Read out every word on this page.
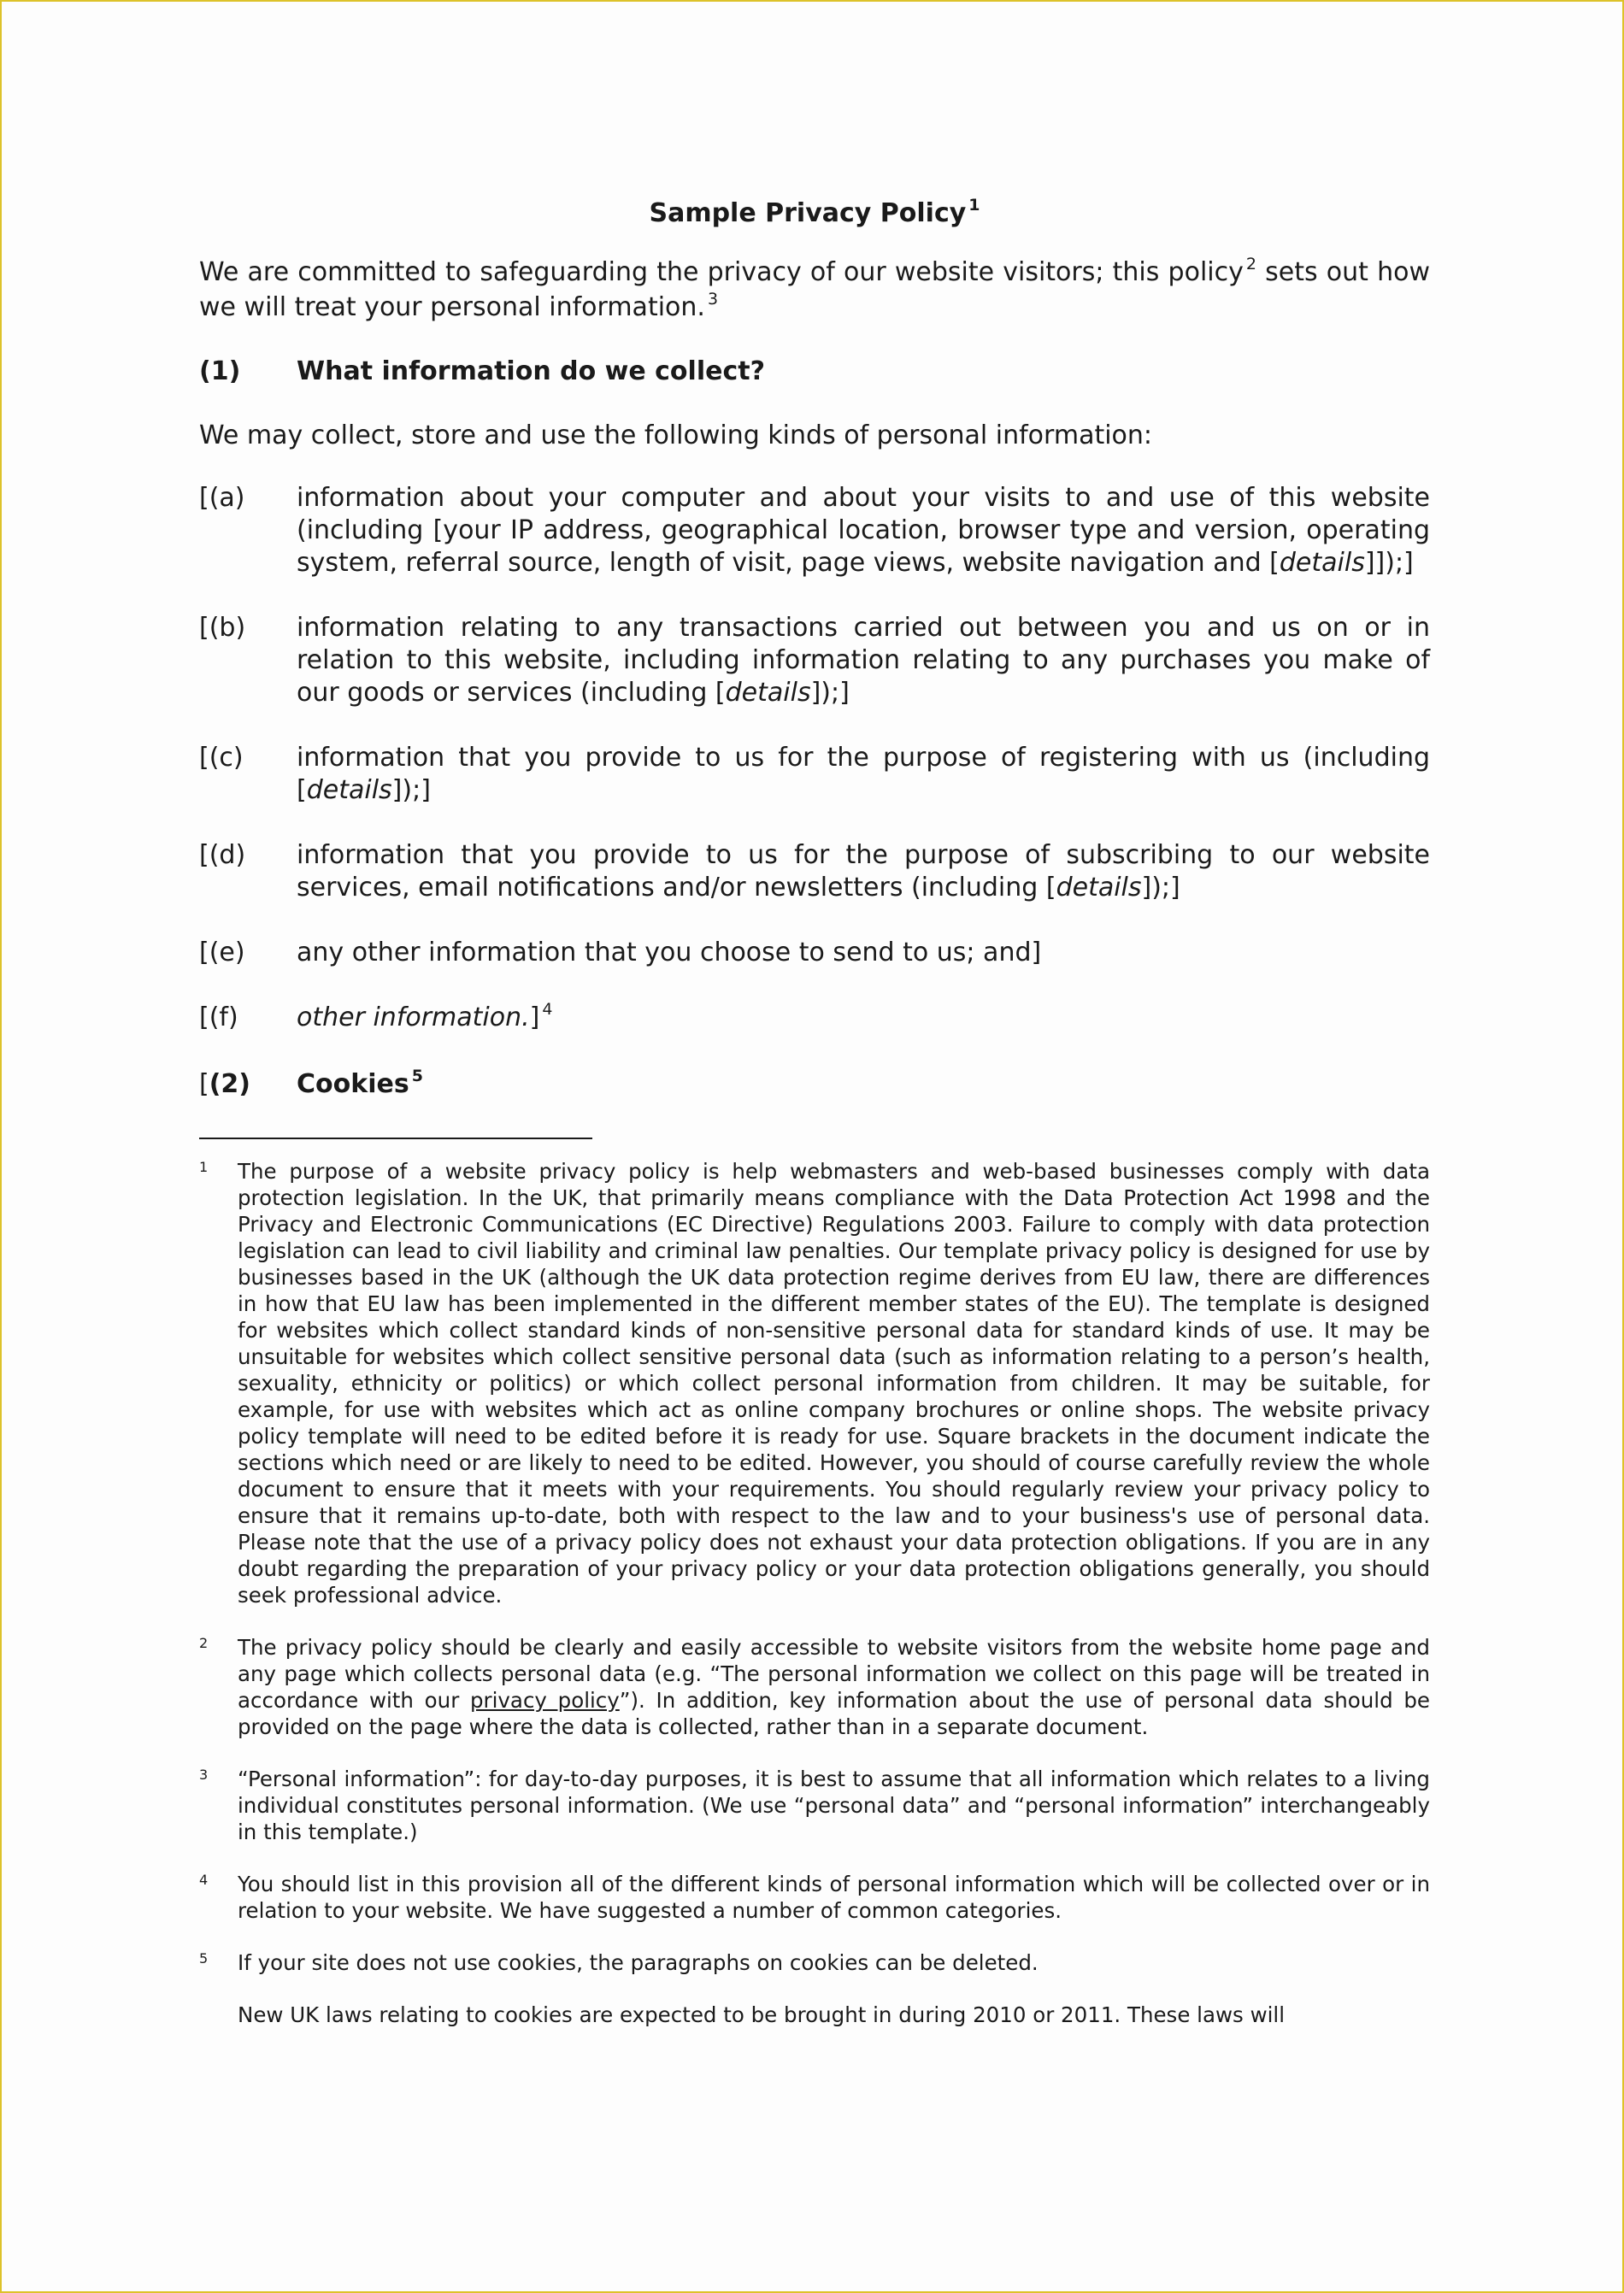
Sample Privacy Policy $^1$
We are committed to safeguarding the privacy of our website visitors; this policy $^2$ sets out how we will treat your personal information. $^3$
(1)	What information do we collect?
We may collect, store and use the following kinds of personal information:
[(a)	information about your computer and about your visits to and use of this website (including [your IP address, geographical location, browser type and version, operating system, referral source, length of visit, page views, website navigation and [details]]);]
[(b)	information relating to any transactions carried out between you and us on or in relation to this website, including information relating to any purchases you make of our goods or services (including [details]);]
[(c)	information that you provide to us for the purpose of registering with us (including [details]);]
[(d)	information that you provide to us for the purpose of subscribing to our website services, email notifications and/or newsletters (including [details]);]
[(e)	any other information that you choose to send to us; and]
[(f)	other information.] $^4$
[(2)	Cookies $^5$
1	The purpose of a website privacy policy is help webmasters and web-based businesses comply with data protection legislation. In the UK, that primarily means compliance with the Data Protection Act 1998 and the Privacy and Electronic Communications (EC Directive) Regulations 2003. Failure to comply with data protection legislation can lead to civil liability and criminal law penalties. Our template privacy policy is designed for use by businesses based in the UK (although the UK data protection regime derives from EU law, there are differences in how that EU law has been implemented in the different member states of the EU). The template is designed for websites which collect standard kinds of non-sensitive personal data for standard kinds of use. It may be unsuitable for websites which collect sensitive personal data (such as information relating to a person’s health, sexuality, ethnicity or politics) or which collect personal information from children. It may be suitable, for example, for use with websites which act as online company brochures or online shops. The website privacy policy template will need to be edited before it is ready for use. Square brackets in the document indicate the sections which need or are likely to need to be edited. However, you should of course carefully review the whole document to ensure that it meets with your requirements. You should regularly review your privacy policy to ensure that it remains up-to-date, both with respect to the law and to your business's use of personal data. Please note that the use of a privacy policy does not exhaust your data protection obligations. If you are in any doubt regarding the preparation of your privacy policy or your data protection obligations generally, you should seek professional advice.
2	The privacy policy should be clearly and easily accessible to website visitors from the website home page and any page which collects personal data (e.g. “The personal information we collect on this page will be treated in accordance with our privacy policy”). In addition, key information about the use of personal data should be provided on the page where the data is collected, rather than in a separate document.
3	“Personal information”: for day-to-day purposes, it is best to assume that all information which relates to a living individual constitutes personal information. (We use “personal data” and “personal information” interchangeably in this template.)
4	You should list in this provision all of the different kinds of personal information which will be collected over or in relation to your website. We have suggested a number of common categories.
5	If your site does not use cookies, the paragraphs on cookies can be deleted.

New UK laws relating to cookies are expected to be brought in during 2010 or 2011. These laws will
